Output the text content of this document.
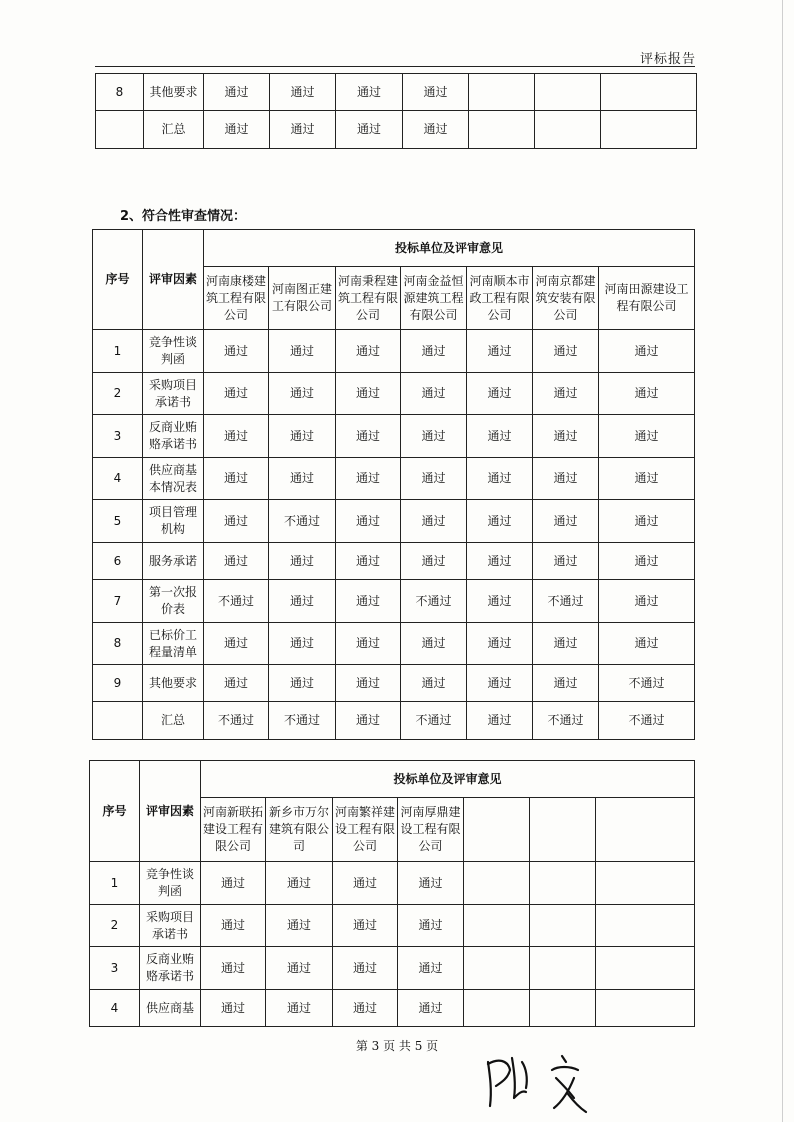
评标报告
8	其他要求	通过	通过	通过	通过			
	汇总	通过	通过	通过	通过			
2、符合性审查情况：
序号	评审因素	投标单位及评审意见						
		河南康楼建筑工程有限公司	河南图正建工有限公司	河南秉程建筑工程有限公司	河南金益恒源建筑工程有限公司	河南顺本市政工程有限公司	河南京都建筑安装有限公司	河南田源建设工程有限公司
1	竞争性谈判函	通过	通过	通过	通过	通过	通过	通过
2	采购项目承诺书	通过	通过	通过	通过	通过	通过	通过
3	反商业贿赂承诺书	通过	通过	通过	通过	通过	通过	通过
4	供应商基本情况表	通过	通过	通过	通过	通过	通过	通过
5	项目管理机构	通过	不通过	通过	通过	通过	通过	通过
6	服务承诺	通过	通过	通过	通过	通过	通过	通过
7	第一次报价表	不通过	通过	通过	不通过	通过	不通过	通过
8	已标价工程量清单	通过	通过	通过	通过	通过	通过	通过
9	其他要求	通过	通过	通过	通过	通过	通过	不通过
	汇总	不通过	不通过	通过	不通过	通过	不通过	不通过
序号	评审因素	投标单位及评审意见						
		河南新联拓建设工程有限公司	新乡市万尔建筑有限公司	河南繁祥建设工程有限公司	河南厚鼎建设工程有限公司			
1	竞争性谈判函	通过	通过	通过	通过			
2	采购项目承诺书	通过	通过	通过	通过			
3	反商业贿赂承诺书	通过	通过	通过	通过			
4	供应商基	通过	通过	通过	通过			
第 3 页 共 5 页
